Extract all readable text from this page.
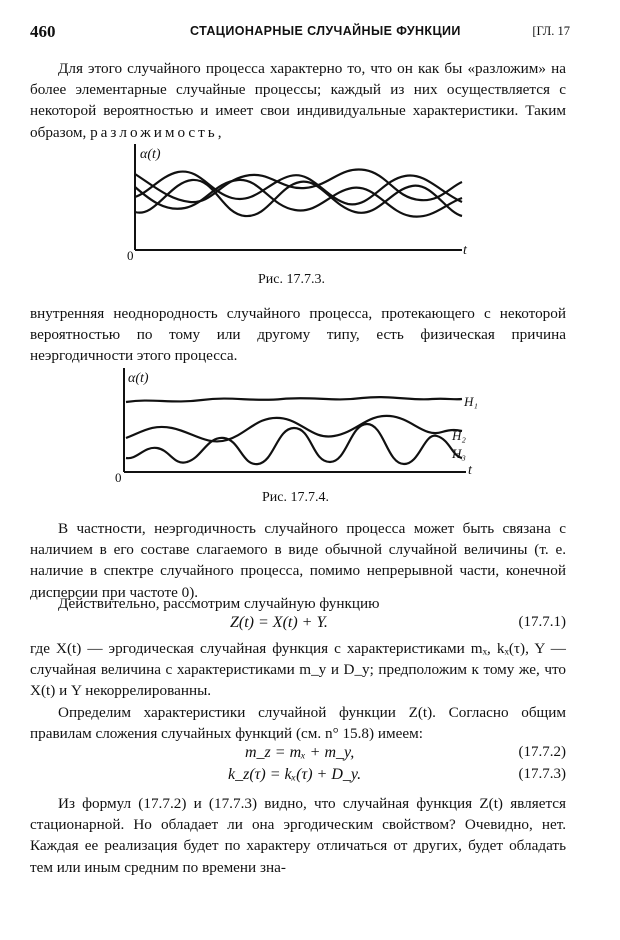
460	СТАЦИОНАРНЫЕ СЛУЧАЙНЫЕ ФУНКЦИИ	[ГЛ. 17

Для этого случайного процесса характерно то, что он как бы «разложим» на более элементарные случайные процессы; каждый из них осуществляется с некоторой вероятностью и имеет свои индивидуальные характеристики. Таким образом, разложимость,

α(t)
t
0
Рис. 17.7.3.

внутренняя неоднородность случайного процесса, протекающего с некоторой вероятностью по тому или другому типу, есть физическая причина неэргодичности этого процесса.

α(t)
t
0
H₁
H₂
H₃
Рис. 17.7.4.

В частности, неэргодичность случайного процесса может быть связана с наличием в его составе слагаемого в виде обычной случайной величины (т. е. наличие в спектре случайного процесса, помимо непрерывной части, конечной дисперсии при частоте 0).

Действительно, рассмотрим случайную функцию

Z(t) = X(t) + Y.	(17.7.1)

где X(t) — эргодическая случайная функция с характеристиками mₓ, kₓ(τ), Y — случайная величина с характеристиками m_y и D_y; предположим к тому же, что X(t) и Y некоррелированны.

Определим характеристики случайной функции Z(t). Согласно общим правилам сложения случайных функций (см. n° 15.8) имеем:

m_z = mₓ + m_y,	(17.7.2)
k_z(τ) = kₓ(τ) + D_y.	(17.7.3)

Из формул (17.7.2) и (17.7.3) видно, что случайная функция Z(t) является стационарной. Но обладает ли она эргодическим свойством? Очевидно, нет. Каждая ее реализация будет по характеру отличаться от других, будет обладать тем или иным средним по времени зна-
